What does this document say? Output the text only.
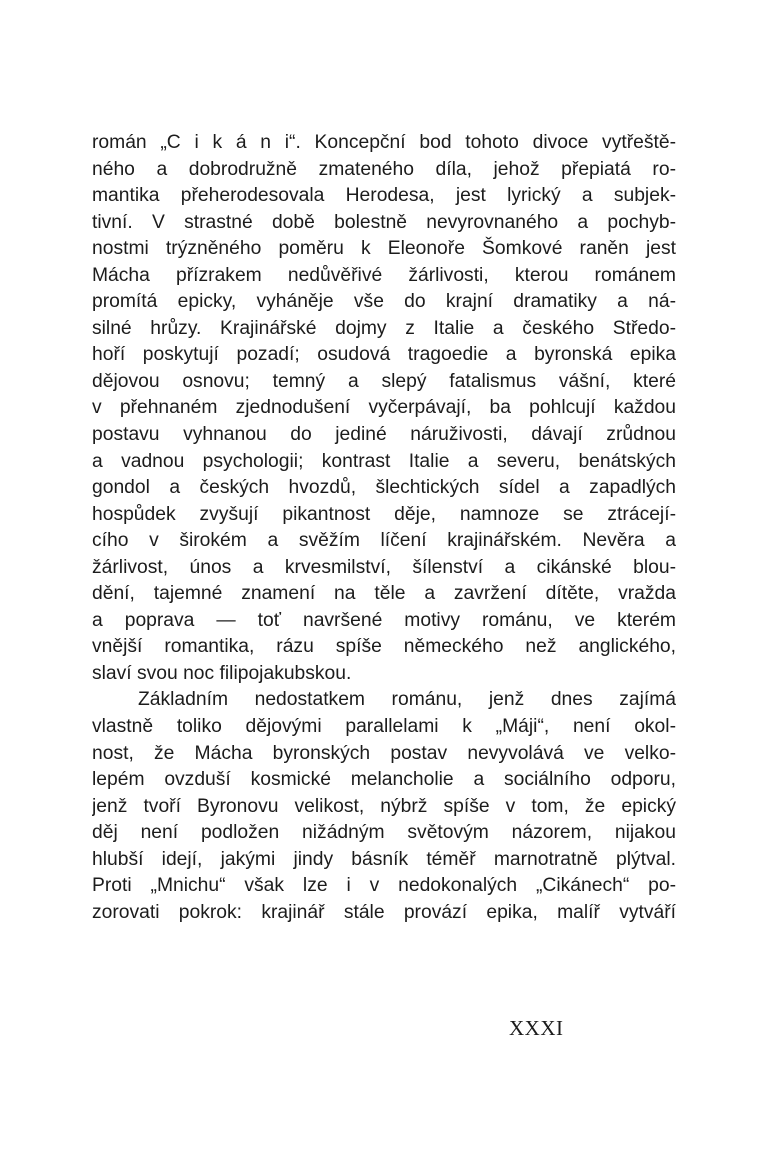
román „C i k á n i“. Koncepční bod tohoto divoce vytřeště-
ného a dobrodružně zmateného díla, jehož přepiatá ro-
mantika přeherodesovala Herodesa, jest lyrický a subjek-
tivní. V strastné době bolestně nevyrovnaného a pochyb-
nostmi trýzněného poměru k Eleonoře Šomkové raněn jest
Mácha přízrakem nedůvěřivé žárlivosti, kterou románem
promítá epicky, vyháněje vše do krajní dramatiky a ná-
silné hrůzy. Krajinářské dojmy z Italie a českého Středo-
hoří poskytují pozadí; osudová tragoedie a byronská epika
dějovou osnovu; temný a slepý fatalismus vášní, které
v přehnaném zjednodušení vyčerpávají, ba pohlcují každou
postavu vyhnanou do jediné náruživosti, dávají zrůdnou
a vadnou psychologii; kontrast Italie a severu, benátských
gondol a českých hvozdů, šlechtických sídel a zapadlých
hospůdek zvyšují pikantnost děje, namnoze se ztrácejí-
cího v širokém a svěžím líčení krajinářském. Nevěra a
žárlivost, únos a krvesmilství, šílenství a cikánské blou-
dění, tajemné znamení na těle a zavržení dítěte, vražda
a poprava — toť navršené motivy románu, ve kterém
vnější romantika, rázu spíše německého než anglického,
slaví svou noc filipojakubskou.
Základním nedostatkem románu, jenž dnes zajímá
vlastně toliko dějovými parallelami k „Máji“, není okol-
nost, že Mácha byronských postav nevyvolává ve velko-
lepém ovzduší kosmické melancholie a sociálního odporu,
jenž tvoří Byronovu velikost, nýbrž spíše v tom, že epický
děj není podložen nižádným světovým názorem, nijakou
hlubší idejí, jakými jindy básník téměř marnotratně plýtval.
Proti „Mnichu“ však lze i v nedokonalých „Cikánech“ po-
zorovati pokrok: krajinář stále provází epika, malíř vytváří
XXXI
